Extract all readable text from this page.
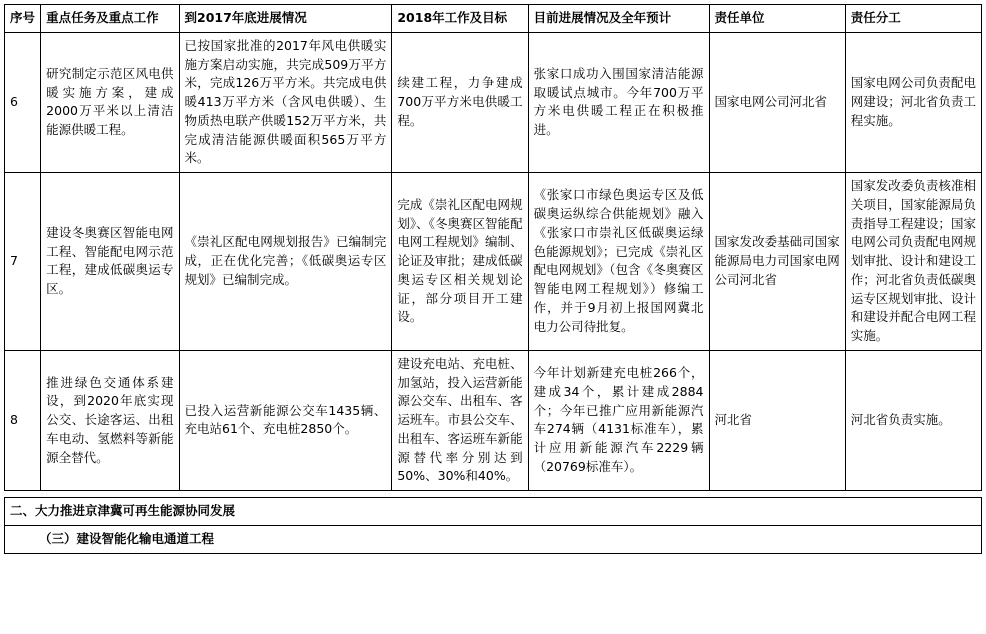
序号	重点任务及重点工作	到2017年底进展情况	2018年工作及目标	目前进展情况及全年预计	责任单位	责任分工
6	研究制定示范区风电供暖实施方案，建成2000万平米以上清洁能源供暖工程。	已按国家批准的2017年风电供暖实施方案启动实施，共完成509万平方米，完成126万平方米。共完成电供暖413万平方米（含风电供暖）、生物质热电联产供暖152万平方米，共完成清洁能源供暖面积565万平方米。	续建工程，力争建成700万平方米电供暖工程。	张家口成功入围国家清洁能源取暖试点城市。今年700万平方米电供暖工程正在积极推进。	国家电网公司河北省	国家电网公司负责配电网建设；河北省负责工程实施。
7	建设冬奥赛区智能电网工程、智能配电网示范工程，建成低碳奥运专区。	《崇礼区配电网规划报告》已编制完成，正在优化完善；《低碳奥运专区规划》已编制完成。	完成《崇礼区配电网规划》、《冬奥赛区智能配电网工程规划》编制、论证及审批；建成低碳奥运专区相关规划论证，部分项目开工建设。	《张家口市绿色奥运专区及低碳奥运纵综合供能规划》融入《张家口市崇礼区低碳奥运绿色能源规划》；已完成《崇礼区配电网规划》（包含《冬奥赛区智能电网工程规划》）修编工作，并于9月初上报国网冀北电力公司待批复。	国家发改委基础司国家能源局电力司国家电网公司河北省	国家发改委负责核准相关项目，国家能源局负责指导工程建设；国家电网公司负责配电网规划审批、设计和建设工作；河北省负责低碳奥运专区规划审批、设计和建设并配合电网工程实施。
8	推进绿色交通体系建设，到2020年底实现公交、长途客运、出租车电动、氢燃料等新能源全替代。	已投入运营新能源公交车1435辆、充电站61个、充电桩2850个。	建设充电站、充电桩、加氢站，投入运营新能源公交车、出租车、客运班车。市县公交车、出租车、客运班车新能源替代率分别达到50%、30%和40%。	今年计划新建充电桩266个，建成34个，累计建成2884个；今年已推广应用新能源汽车274辆（4131标准车），累计应用新能源汽车2229辆（20769标准车）。	河北省	河北省负责实施。
二、大力推进京津冀可再生能源协同发展
（三）建设智能化输电通道工程
